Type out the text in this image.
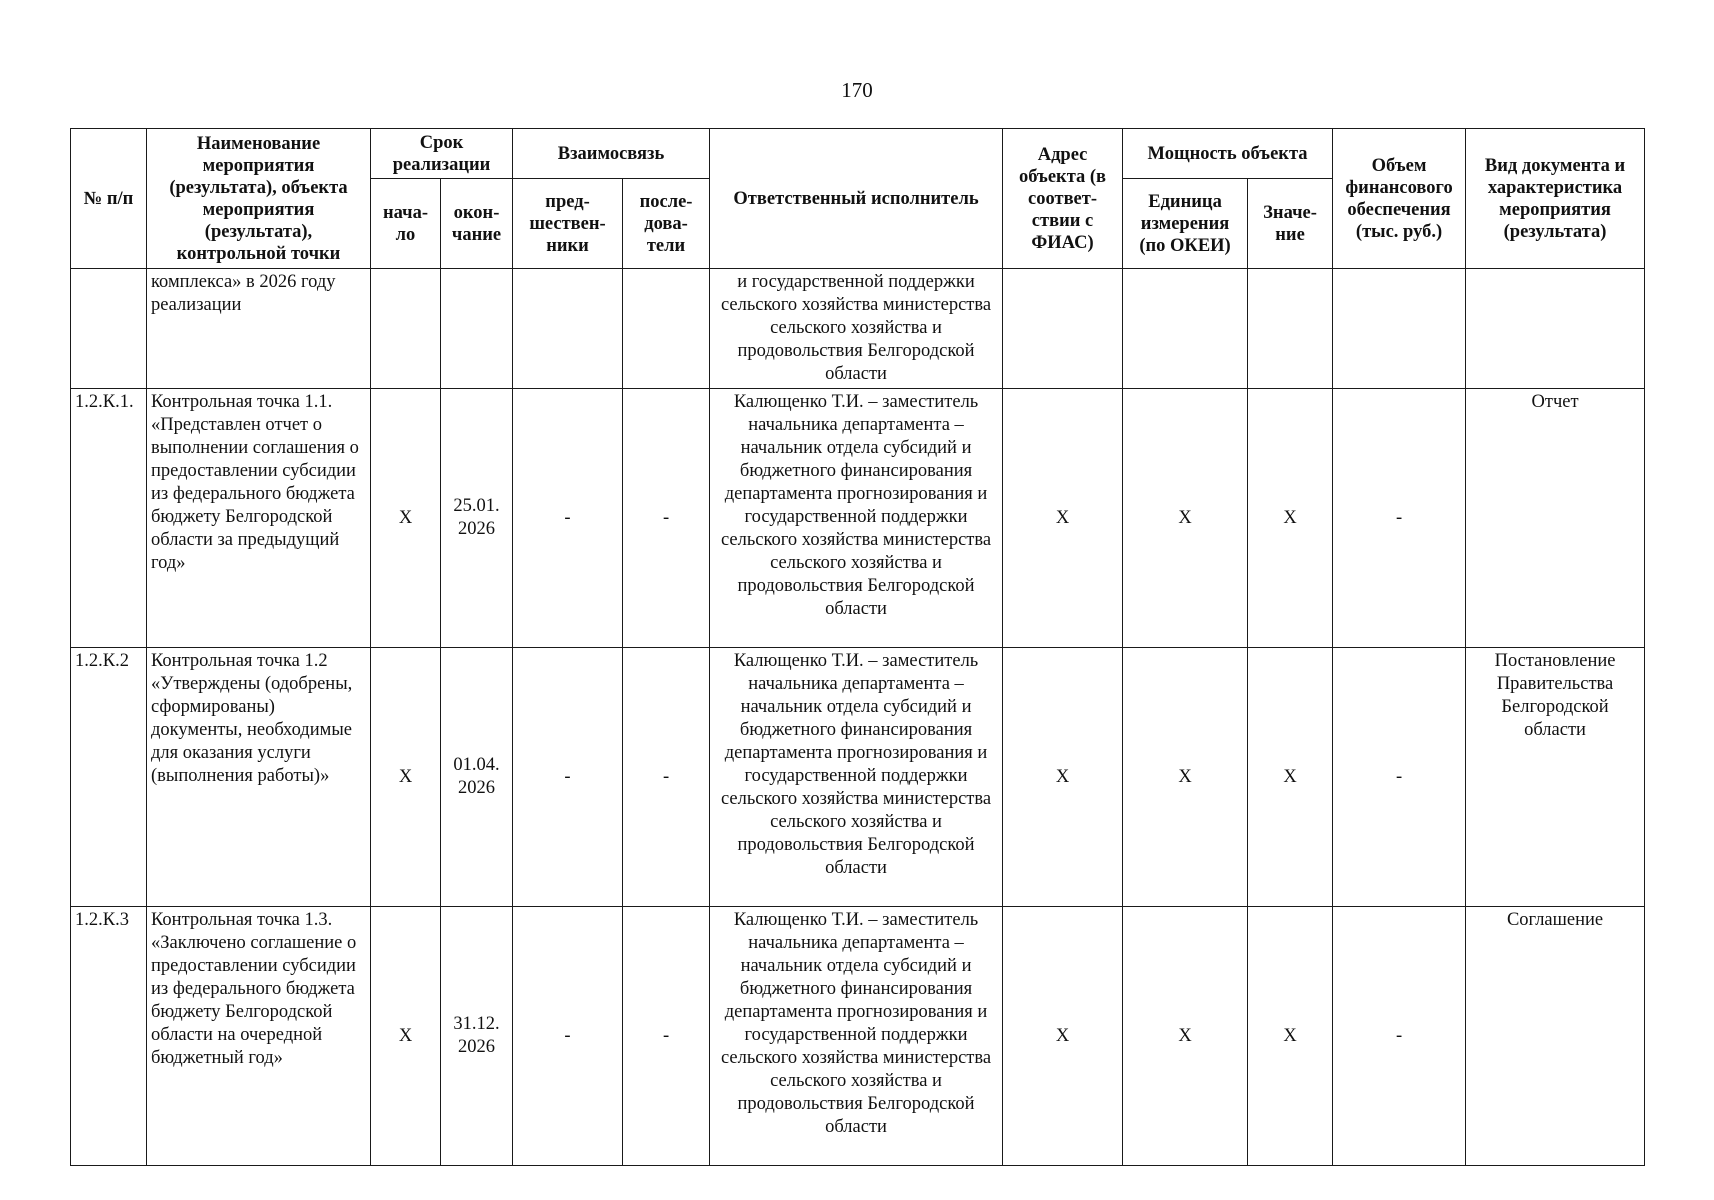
170
№ п/п	Наименование мероприятия (результата), объекта мероприятия (результата), контрольной точки	Срок реализации		Взаимосвязь		Ответственный исполнитель	Адрес объекта (в соответ-ствии с ФИАС)	Мощность объекта		Объем финансового обеспечения (тыс. руб.)	Вид документа и характеристика мероприятия (результата)
		нача-ло	окон-чание	пред-шествен-ники	после-дова-тели			Единица измерения (по ОКЕИ)	Значе-ние		
	комплекса» в 2026 году реализации					и государственной поддержки сельского хозяйства министерства сельского хозяйства и продовольствия Белгородской области					
1.2.К.1.	Контрольная точка 1.1. «Представлен отчет о выполнении соглашения о предоставлении субсидии из федерального бюджета бюджету Белгородской области за предыдущий год»	X	25.01. 2026	-	-	Калющенко Т.И. – заместитель начальника департамента – начальник отдела субсидий и бюджетного финансирования департамента прогнозирования и государственной поддержки сельского хозяйства министерства сельского хозяйства и продовольствия Белгородской области	X	X	X	-	Отчет
1.2.К.2	Контрольная точка 1.2 «Утверждены (одобрены, сформированы) документы, необходимые для оказания услуги (выполнения работы)»	X	01.04. 2026	-	-	Калющенко Т.И. – заместитель начальника департамента – начальник отдела субсидий и бюджетного финансирования департамента прогнозирования и государственной поддержки сельского хозяйства министерства сельского хозяйства и продовольствия Белгородской области	X	X	X	-	Постановление Правительства Белгородской области
1.2.К.3	Контрольная точка 1.3. «Заключено соглашение о предоставлении субсидии из федерального бюджета бюджету Белгородской области на очередной бюджетный год»	X	31.12. 2026	-	-	Калющенко Т.И. – заместитель начальника департамента – начальник отдела субсидий и бюджетного финансирования департамента прогнозирования и государственной поддержки сельского хозяйства министерства сельского хозяйства и продовольствия Белгородской области	X	X	X	-	Соглашение
